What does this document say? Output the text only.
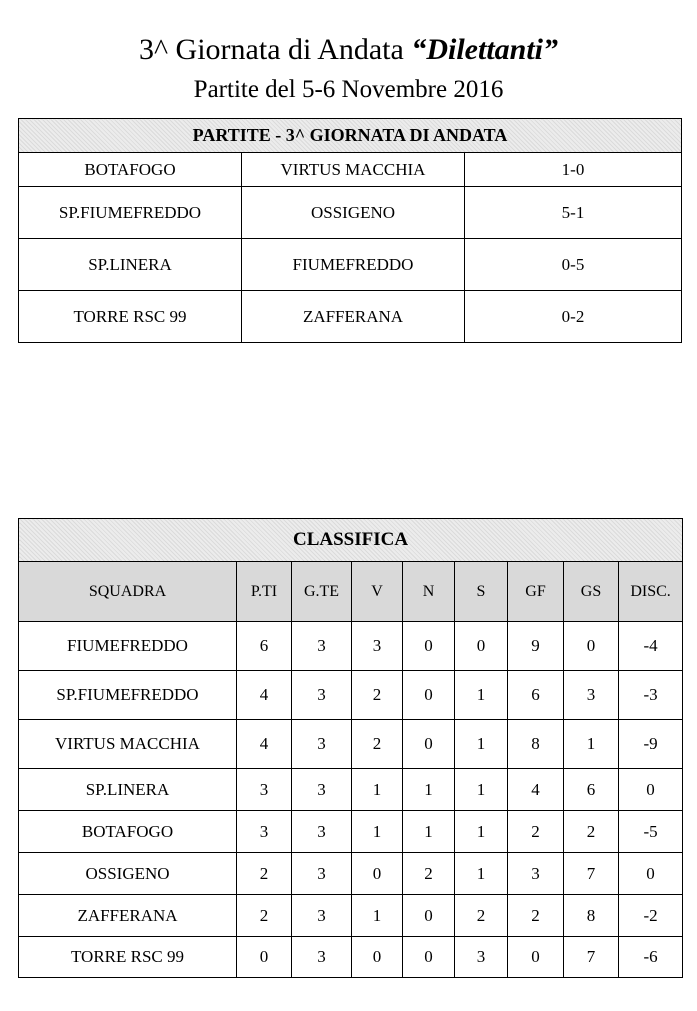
3^ Giornata di Andata “Dilettanti”
Partite del 5-6 Novembre 2016
PARTITE - 3^ GIORNATA DI ANDATA		
BOTAFOGO	VIRTUS MACCHIA	1-0
SP.FIUMEFREDDO	OSSIGENO	5-1
SP.LINERA	FIUMEFREDDO	0-5
TORRE RSC 99	ZAFFERANA	0-2
CLASSIFICA								
SQUADRA	P.TI	G.TE	V	N	S	GF	GS	DISC.
FIUMEFREDDO	6	3	3	0	0	9	0	-4
SP.FIUMEFREDDO	4	3	2	0	1	6	3	-3
VIRTUS MACCHIA	4	3	2	0	1	8	1	-9
SP.LINERA	3	3	1	1	1	4	6	0
BOTAFOGO	3	3	1	1	1	2	2	-5
OSSIGENO	2	3	0	2	1	3	7	0
ZAFFERANA	2	3	1	0	2	2	8	-2
TORRE RSC 99	0	3	0	0	3	0	7	-6
